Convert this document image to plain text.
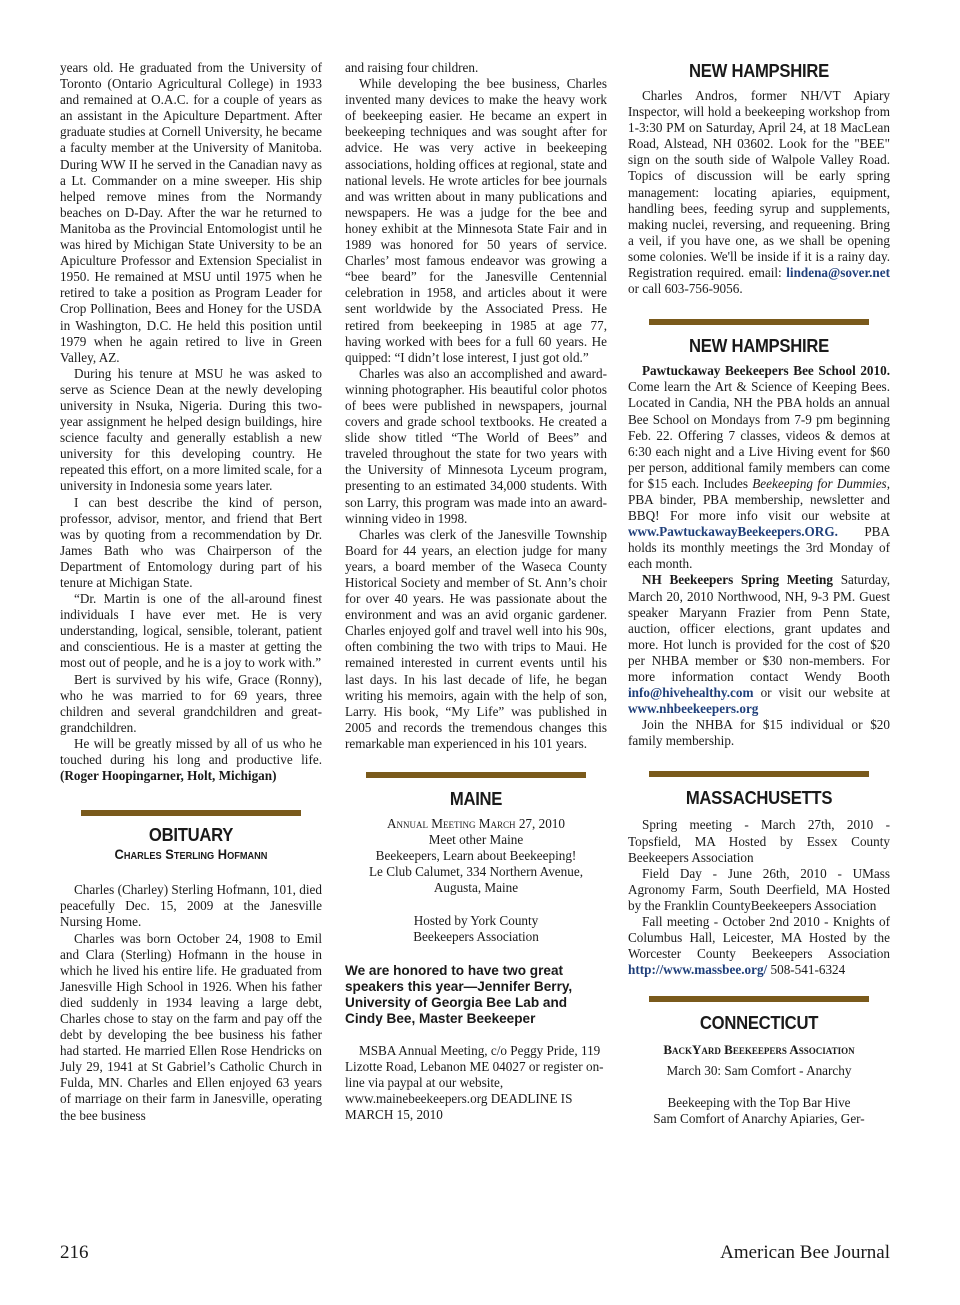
years old. He graduated from the University of Toronto (Ontario Agricultural College) in 1933 and remained at O.A.C. for a couple of years as an assistant in the Apiculture Department. After graduate studies at Cornell University, he became a faculty member at the University of Manitoba. During WW II he served in the Canadian navy as a Lt. Commander on a mine sweeper. His ship helped remove mines from the Normandy beaches on D-Day. After the war he returned to Manitoba as the Provincial Entomologist until he was hired by Michigan State University to be an Apiculture Professor and Extension Specialist in 1950. He remained at MSU until 1975 when he retired to take a position as Program Leader for Crop Pollination, Bees and Honey for the USDA in Washington, D.C. He held this position until 1979 when he again retired to live in Green Valley, AZ.

During his tenure at MSU he was asked to serve as Science Dean at the newly developing university in Nsuka, Nigeria. During this two-year assignment he helped design buildings, hire science faculty and generally establish a new university for this developing country. He repeated this effort, on a more limited scale, for a university in Indonesia some years later.

I can best describe the kind of person, professor, advisor, mentor, and friend that Bert was by quoting from a recommendation by Dr. James Bath who was Chairperson of the Department of Entomology during part of his tenure at Michigan State.

“Dr. Martin is one of the all-around finest individuals I have ever met. He is very understanding, logical, sensible, tolerant, patient and conscientious. He is a master at getting the most out of people, and he is a joy to work with.”

Bert is survived by his wife, Grace (Ronny), who he was married to for 69 years, three children and several grandchildren and great-grandchildren.

He will be greatly missed by all of us who he touched during his long and productive life. (Roger Hoopingarner, Holt, Michigan)

OBITUARY
Charles Sterling Hofmann

Charles (Charley) Sterling Hofmann, 101, died peacefully Dec. 15, 2009 at the Janesville Nursing Home.

Charles was born October 24, 1908 to Emil and Clara (Sterling) Hofmann in the house in which he lived his entire life. He graduated from Janesville High School in 1926. When his father died suddenly in 1934 leaving a large debt, Charles chose to stay on the farm and pay off the debt by developing the bee business his father had started. He married Ellen Rose Hendricks on July 29, 1941 at St Gabriel’s Catholic Church in Fulda, MN. Charles and Ellen enjoyed 63 years of marriage on their farm in Janesville, operating the bee business

and raising four children.

While developing the bee business, Charles invented many devices to make the heavy work of beekeeping easier. He became an expert in beekeeping techniques and was sought after for advice. He was very active in beekeeping associations, holding offices at regional, state and national levels. He wrote articles for bee journals and was written about in many publications and newspapers. He was a judge for the bee and honey exhibit at the Minnesota State Fair and in 1989 was honored for 50 years of service. Charles’ most famous endeavor was growing a “bee beard” for the Janesville Centennial celebration in 1958, and articles about it were sent worldwide by the Associated Press. He retired from beekeeping in 1985 at age 77, having worked with bees for a full 60 years. He quipped: “I didn’t lose interest, I just got old.”

Charles was also an accomplished and award-winning photographer. His beautiful color photos of bees were published in newspapers, journal covers and grade school textbooks. He created a slide show titled “The World of Bees” and traveled throughout the state for two years with the University of Minnesota Lyceum program, presenting to an estimated 34,000 students. With son Larry, this program was made into an award-winning video in 1998.

Charles was clerk of the Janesville Township Board for 44 years, an election judge for many years, a board member of the Waseca County Historical Society and member of St. Ann’s choir for over 40 years. He was passionate about the environment and was an avid organic gardener. Charles enjoyed golf and travel well into his 90s, often combining the two with trips to Maui. He remained interested in current events until his last days. In his last decade of life, he began writing his memoirs, again with the help of son, Larry. His book, “My Life” was published in 2005 and records the tremendous changes this remarkable man experienced in his 101 years.

MAINE

Annual Meeting March 27, 2010

Meet other Maine

Beekeepers, Learn about Beekeeping!

Le Club Calumet, 334 Northern Avenue,

Augusta, Maine

Hosted by York County

Beekeepers Association

We are honored to have two great speakers this year—Jennifer Berry, University of Georgia Bee Lab and Cindy Bee, Master Beekeeper

MSBA Annual Meeting, c/o Peggy Pride, 119 Lizotte Road, Lebanon ME 04027 or register on-line via paypal at our website, www.mainebeekeepers.org DEADLINE IS MARCH 15, 2010

NEW HAMPSHIRE

Charles Andros, former NH/VT Apiary Inspector, will hold a beekeeping workshop from 1-3:30 PM on Saturday, April 24, at 18 MacLean Road, Alstead, NH 03602. Look for the "BEE" sign on the south side of Walpole Valley Road. Topics of discussion will be early spring management: locating apiaries, equipment, handling bees, feeding syrup and supplements, making nuclei, reversing, and requeening. Bring a veil, if you have one, as we shall be opening some colonies. We'll be inside if it is a rainy day. Registration required. email: lindena@sover.net or call 603-756-9056.

NEW HAMPSHIRE

Pawtuckaway Beekeepers Bee School 2010. Come learn the Art & Science of Keeping Bees. Located in Candia, NH the PBA holds an annual Bee School on Mondays from 7-9 pm beginning Feb. 22. Offering 7 classes, videos & demos at 6:30 each night and a Live Hiving event for $60 per person, additional family members can come for $15 each. Includes Beekeeping for Dummies, PBA binder, PBA membership, newsletter and BBQ! For more info visit our website at www.PawtuckawayBeekeepers.ORG. PBA holds its monthly meetings the 3rd Monday of each month.

NH Beekeepers Spring Meeting Saturday, March 20, 2010 Northwood, NH, 9-3 PM. Guest speaker Maryann Frazier from Penn State, auction, officer elections, grant updates and more. Hot lunch is provided for the cost of $20 per NHBA member or $30 non-members. For more information contact Wendy Booth info@hivehealthy.com or visit our website at www.nhbeekeepers.org

Join the NHBA for $15 individual or $20 family membership.

MASSACHUSETTS

Spring meeting - March 27th, 2010 - Topsfield, MA Hosted by Essex County Beekeepers Association

Field Day - June 26th, 2010 - UMass Agronomy Farm, South Deerfield, MA Hosted by the Franklin CountyBeekeepers Association

Fall meeting - October 2nd 2010 - Knights of Columbus Hall, Leicester, MA Hosted by the Worcester County Beekeepers Association http://www.massbee.org/ 508-541-6324

CONNECTICUT

BackYard Beekeepers Association

March 30: Sam Comfort - Anarchy

Beekeeping with the Top Bar Hive

Sam Comfort of Anarchy Apiaries, Ger-

216	American Bee Journal
